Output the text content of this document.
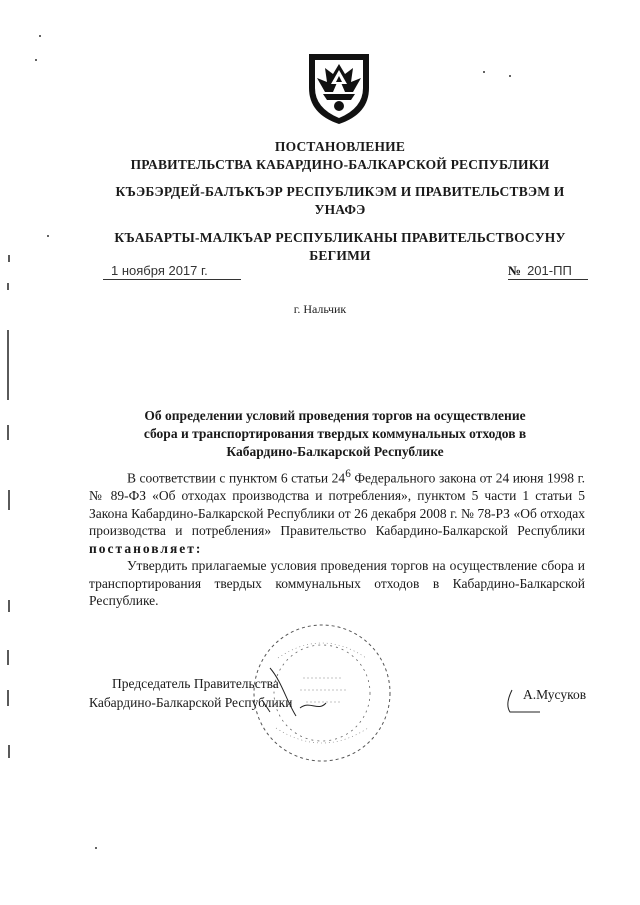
ПОСТАНОВЛЕНИЕ
ПРАВИТЕЛЬСТВА КАБАРДИНО-БАЛКАРСКОЙ РЕСПУБЛИКИ
КЪЭБЭРДЕЙ-БАЛЪКЪЭР РЕСПУБЛИКЭМ И ПРАВИТЕЛЬСТВЭМ И
УНАФЭ
КЪАБАРТЫ-МАЛКЪАР РЕСПУБЛИКАНЫ ПРАВИТЕЛЬСТВОСУНУ
БЕГИМИ
1 ноября 2017 г.	№ 201-ПП
г. Нальчик
Об определении условий проведения торгов на осуществление
сбора и транспортирования твердых коммунальных отходов в
Кабардино-Балкарской Республике

В соответствии с пунктом 6 статьи $24^6$ Федерального закона от 24 июня 1998 г. № 89-ФЗ «Об отходах производства и потребления», пунктом 5 части 1 статьи 5 Закона Кабардино-Балкарской Республики от 26 декабря 2008 г. № 78-РЗ «Об отходах производства и потребления» Правительство Кабардино-Балкарской Республики постановляет:

Утвердить прилагаемые условия проведения торгов на осуществление сбора и транспортирования твердых коммунальных отходов в Кабардино-Балкарской Республике.

Председатель Правительства
Кабардино-Балкарской Республики
А.Мусуков
